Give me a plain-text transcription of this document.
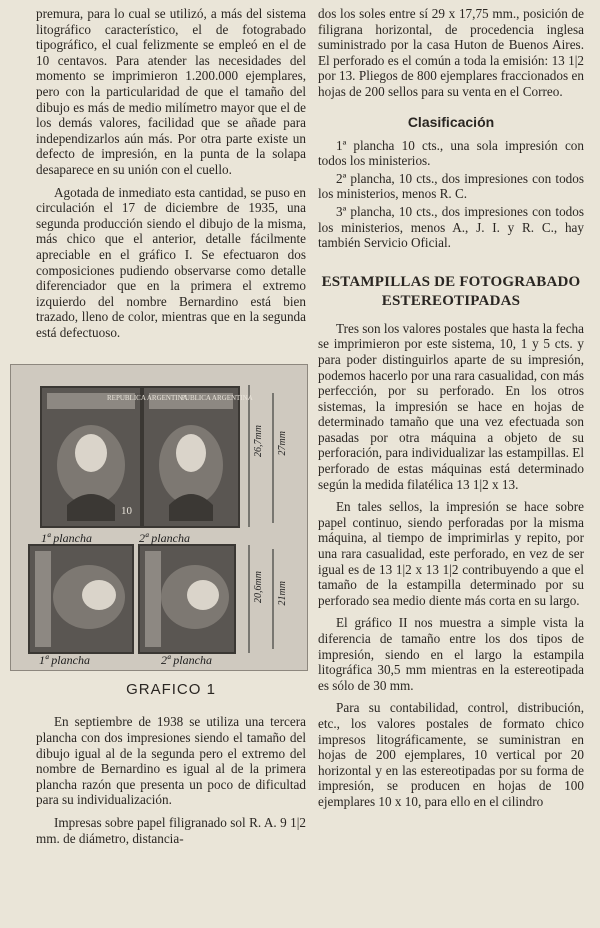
premura, para lo cual se utilizó, a más del sistema litográfico característico, el de fotograbado tipográfico, el cual felizmente se empleó en el de 10 centavos. Para atender las necesidades del momento se imprimieron 1.200.000 ejemplares, pero con la particularidad de que el tamaño del dibujo es más de medio milímetro mayor que el de los demás valores, facilidad que se añade para independizarlos aún más. Por otra parte existe un defecto de impresión, en la punta de la solapa desaparece en su unión con el cuello.

Agotada de inmediato esta cantidad, se puso en circulación el 17 de diciembre de 1935, una segunda producción siendo el dibujo de la misma, más chico que el anterior, detalle fácilmente apreciable en el gráfico I. Se efectuaron dos composiciones pudiendo observarse como detalle diferenciador que en la primera el extremo izquierdo del nombre Bernardino está bien trazado, lleno de color, mientras que en la segunda está defectuoso.

REPUBLICA ARGENTINA
PUBLICA ARGENTINA
10
1ª plancha	2ª plancha
1ª plancha	2ª plancha
26,7mm 27mm
20,6mm 21mm
GRAFICO 1

En septiembre de 1938 se utiliza una tercera plancha con dos impresiones siendo el tamaño del dibujo igual al de la segunda pero el extremo del nombre de Bernardino es igual al de la primera plancha razón que presenta un poco de dificultad para su individualización.

Impresas sobre papel filigranado sol R. A. 9 1|2 mm. de diámetro, distancia-

dos los soles entre sí 29 x 17,75 mm., posición de filigrana horizontal, de procedencia inglesa suministrado por la casa Huton de Buenos Aires. El perforado es el común a toda la emisión: 13 1|2 por 13. Pliegos de 800 ejemplares fraccionados en hojas de 200 sellos para su venta en el Correo.

Clasificación

1ª plancha 10 cts., una sola impresión con todos los ministerios.

2ª plancha, 10 cts., dos impresiones con todos los ministerios, menos R. C.

3ª plancha, 10 cts., dos impresiones con todos los ministerios, menos A., J. I. y R. C., hay también Servicio Oficial.

ESTAMPILLAS DE FOTOGRABADO ESTEREOTIPADAS

Tres son los valores postales que hasta la fecha se imprimieron por este sistema, 10, 1 y 5 cts. y para poder distinguirlos aparte de su impresión, podemos hacerlo por una rara casualidad, con más perfección, por su perforado. En los otros sistemas, la impresión se hace en hojas de determinado tamaño que una vez efectuada son pasadas por otra máquina a objeto de su perforación, para individualizar las estampillas. El perforado de estas máquinas está determinado según la medida filatélica 13 1|2 x 13.

En tales sellos, la impresión se hace sobre papel continuo, siendo perforadas por la misma máquina, al tiempo de imprimirlas y repito, por una rara casualidad, este perforado, en vez de ser igual es de 13 1|2 x 13 1|2 contribuyendo a que el tamaño de la estampilla determinado por su perforado sea medio diente más corta en su largo.

El gráfico II nos muestra a simple vista la diferencia de tamaño entre los dos tipos de impresión, siendo en el largo la estampila litográfica 30,5 mm mientras en la estereotipada es sólo de 30 mm.

Para su contabilidad, control, distribución, etc., los valores postales de formato chico impresos litográficamente, se suministran en hojas de 200 ejemplares, 10 vertical por 20 horizontal y en las estereotipadas por su forma de impresión, se producen en hojas de 100 ejemplares 10 x 10, para ello en el cilindro
